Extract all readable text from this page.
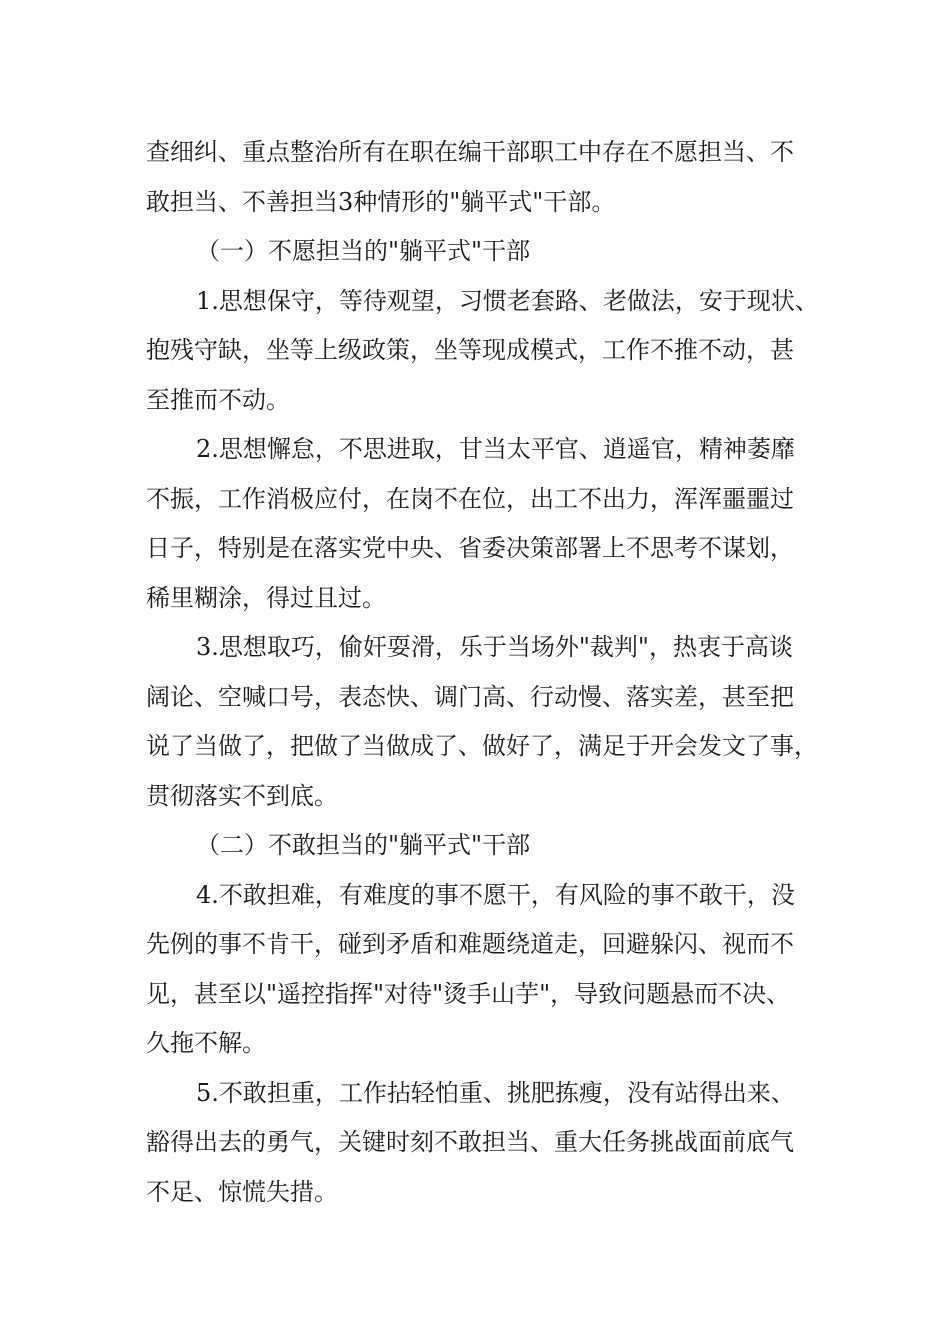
查细纠、重点整治所有在职在编干部职工中存在不愿担当、不
敢担当、不善担当3种情形的"躺平式"干部。

（一）不愿担当的"躺平式"干部

1.思想保守，等待观望，习惯老套路、老做法，安于现状、
抱残守缺，坐等上级政策，坐等现成模式，工作不推不动，甚
至推而不动。

2.思想懈怠，不思进取，甘当太平官、逍遥官，精神萎靡
不振，工作消极应付，在岗不在位，出工不出力，浑浑噩噩过
日子，特别是在落实党中央、省委决策部署上不思考不谋划，
稀里糊涂，得过且过。

3.思想取巧，偷奸耍滑，乐于当场外"裁判"，热衷于高谈
阔论、空喊口号，表态快、调门高、行动慢、落实差，甚至把
说了当做了，把做了当做成了、做好了，满足于开会发文了事，
贯彻落实不到底。

（二）不敢担当的"躺平式"干部

4.不敢担难，有难度的事不愿干，有风险的事不敢干，没
先例的事不肯干，碰到矛盾和难题绕道走，回避躲闪、视而不
见，甚至以"遥控指挥"对待"烫手山芋"，导致问题悬而不决、
久拖不解。

5.不敢担重，工作拈轻怕重、挑肥拣瘦，没有站得出来、
豁得出去的勇气，关键时刻不敢担当、重大任务挑战面前底气
不足、惊慌失措。
